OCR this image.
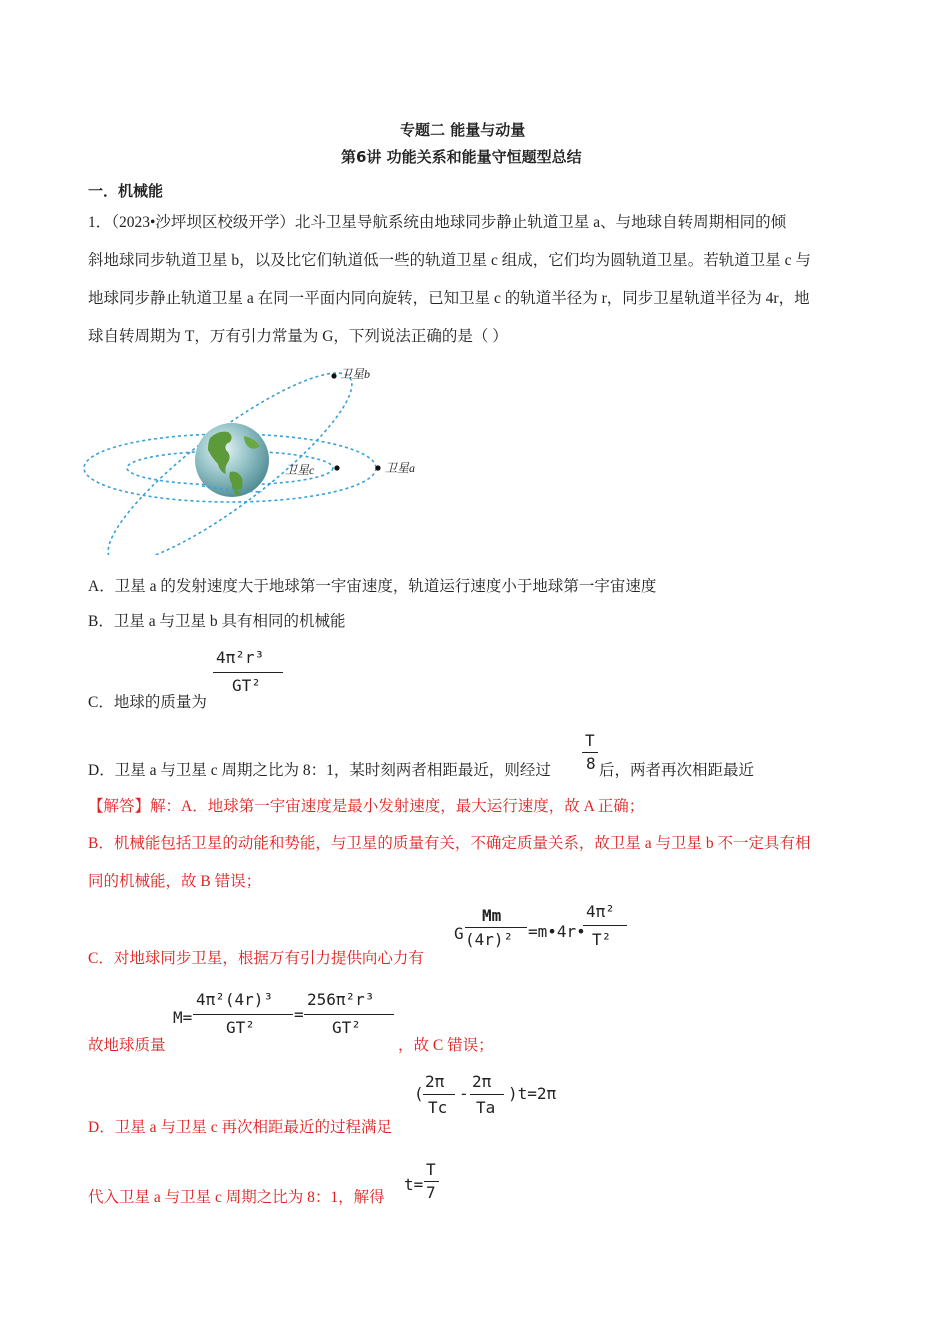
专题二 能量与动量
第6讲 功能关系和能量守恒题型总结
一．机械能
1．（2023•沙坪坝区校级开学）北斗卫星导航系统由地球同步静止轨道卫星 a、与地球自转周期相同的倾
斜地球同步轨道卫星 b，以及比它们轨道低一些的轨道卫星 c 组成，它们均为圆轨道卫星。若轨道卫星 c 与
地球同步静止轨道卫星 a 在同一平面内同向旋转，已知卫星 c 的轨道半径为 r，同步卫星轨道半径为 4r，地
球自转周期为 T，万有引力常量为 G，下列说法正确的是（ ）
卫星b
卫星c	卫星a
A．卫星 a 的发射速度大于地球第一宇宙速度，轨道运行速度小于地球第一宇宙速度
B．卫星 a 与卫星 b 具有相同的机械能
C．地球的质量为
4π²r³
GT²
D．卫星 a 与卫星 c 周期之比为 8：1，某时刻两者相距最近，则经过
T
8 后，两者再次相距最近
【解答】解：A．地球第一宇宙速度是最小发射速度，最大运行速度，故 A 正确；
B．机械能包括卫星的动能和势能，与卫星的质量有关，不确定质量关系，故卫星 a 与卫星 b 不一定具有相
同的机械能，故 B 错误；
G
Mm
(4r)² =m•4r•
4π²
T²
C．对地球同步卫星，根据万有引力提供向心力有
M=
4π²(4r)³
GT²
=
256π²r³
GT²
故地球质量	，故 C 错误；
(
2π
Tc
-
2π
Ta
)t=2π
D．卫星 a 与卫星 c 再次相距最近的过程满足
t=
T
7
代入卫星 a 与卫星 c 周期之比为 8：1，解得
